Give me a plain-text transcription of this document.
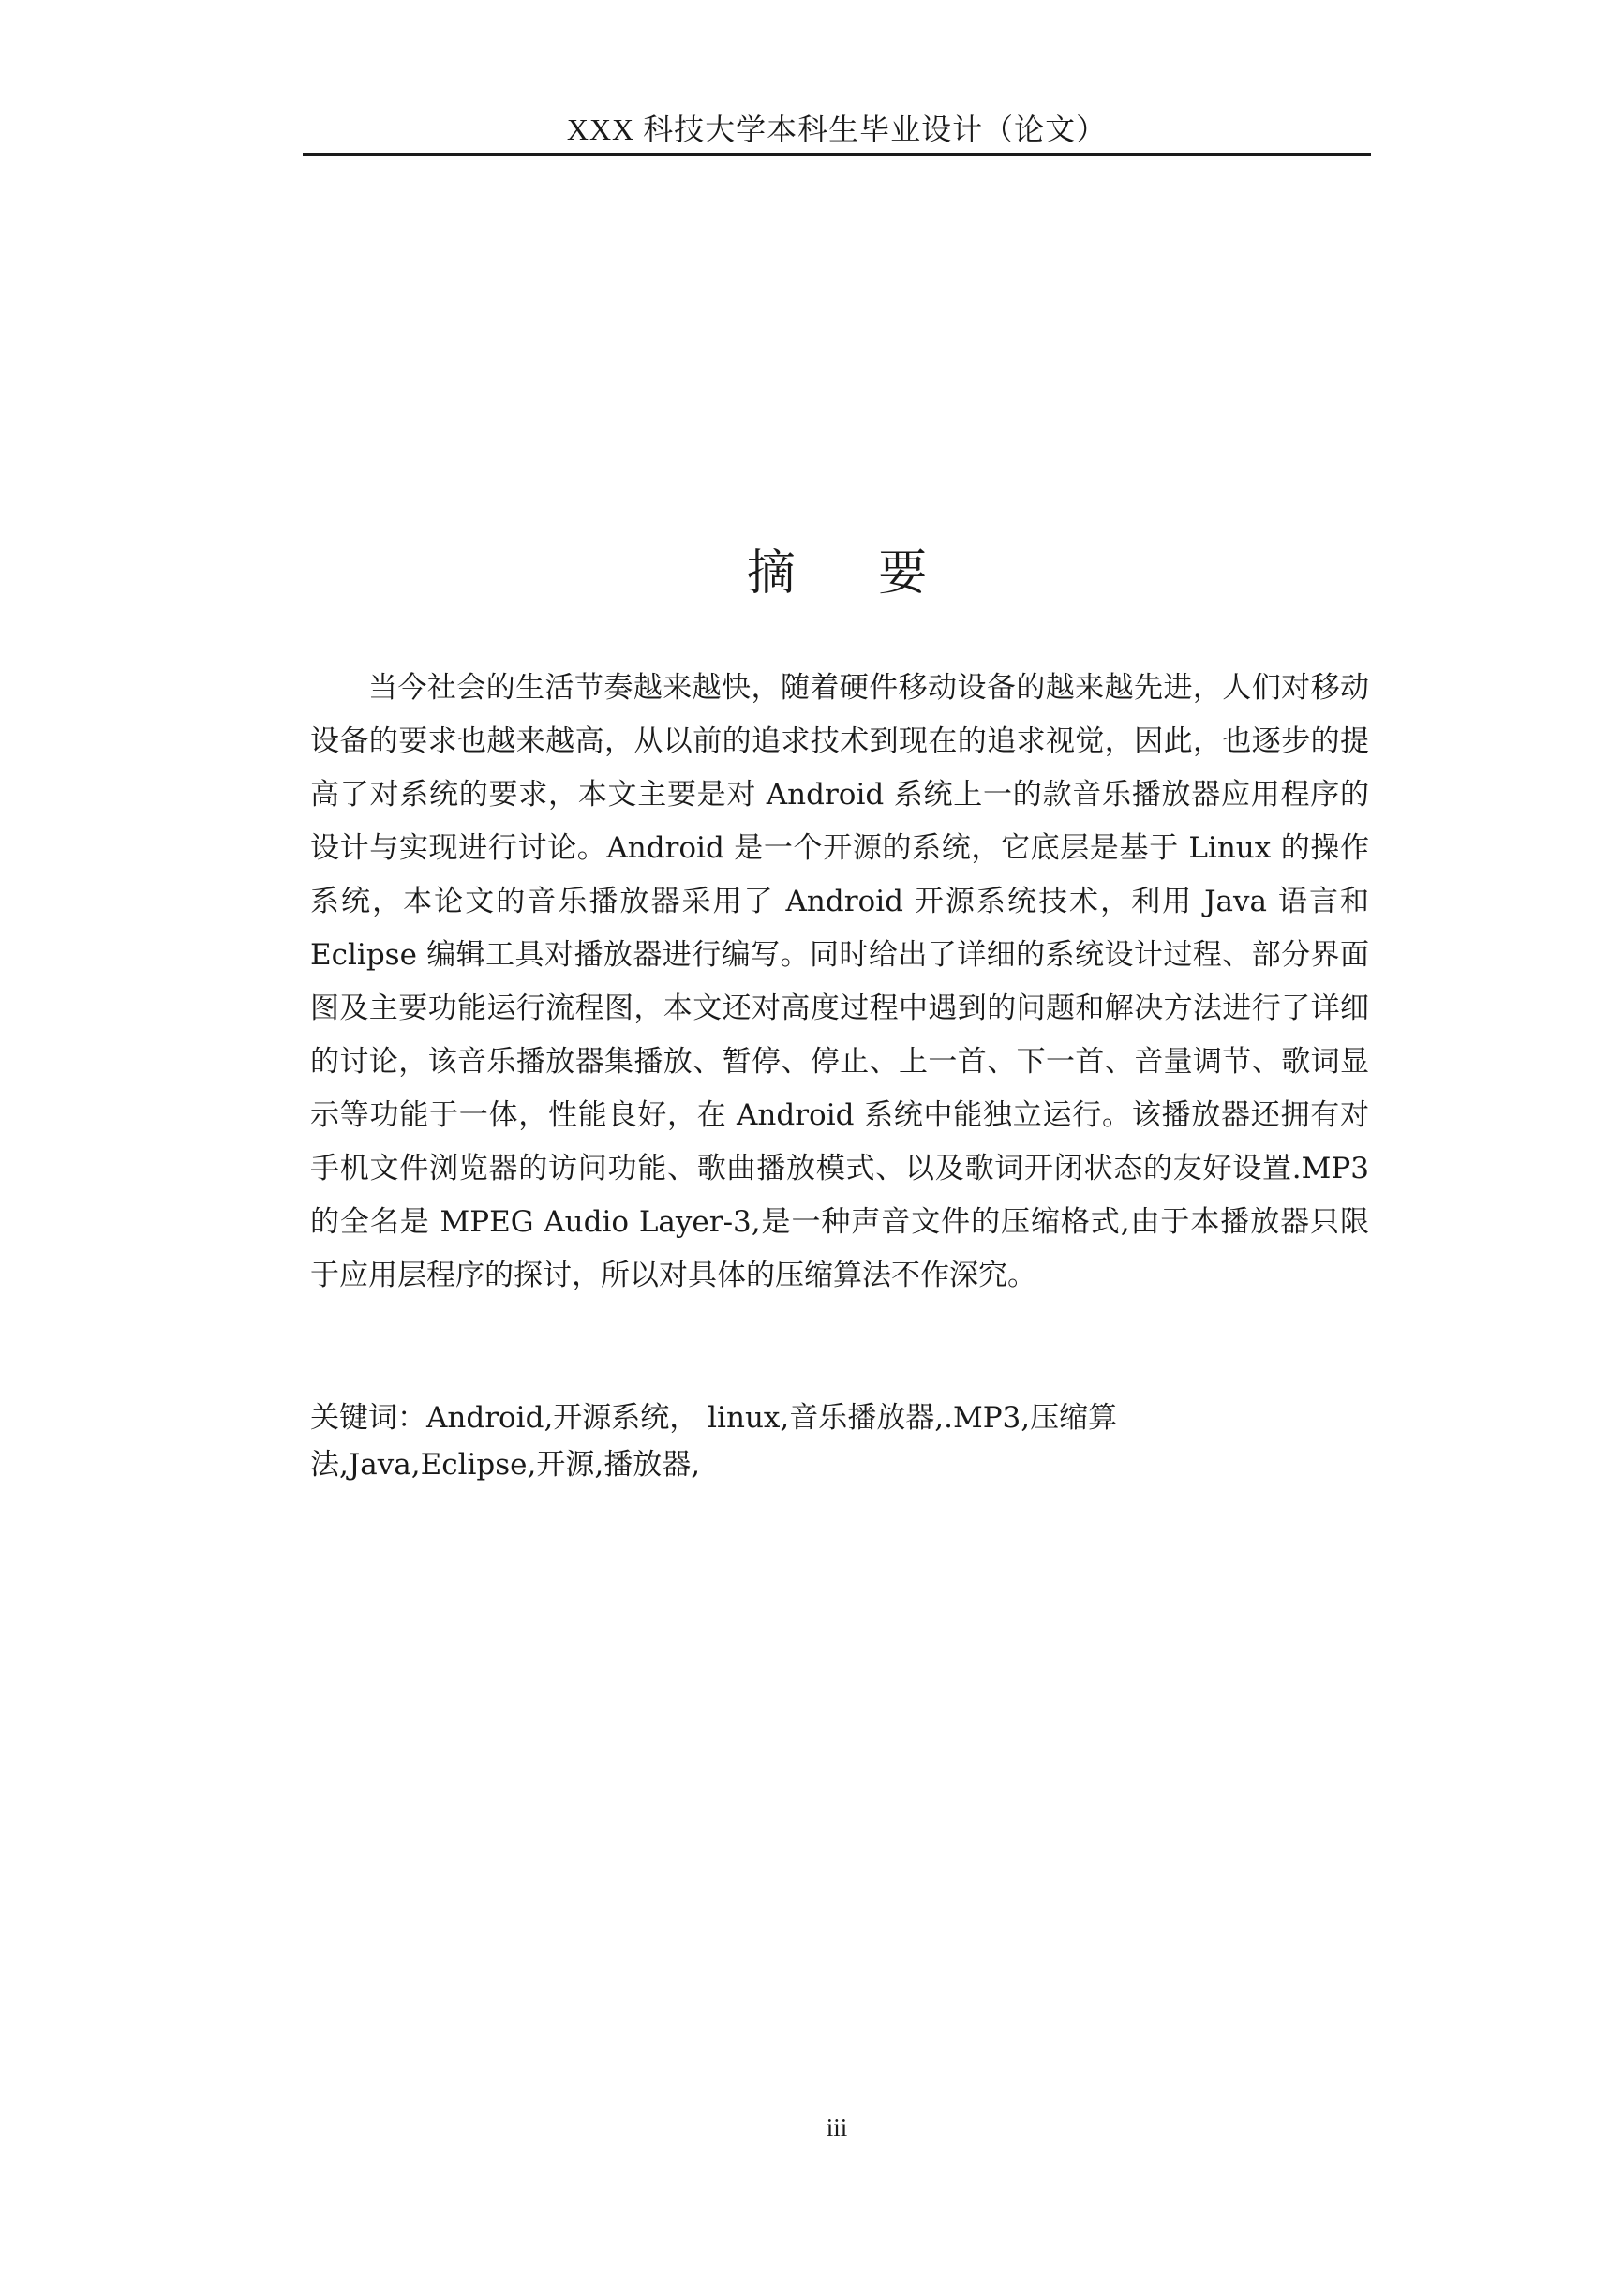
XXX 科技大学本科生毕业设计（论文）
摘 要

当今社会的生活节奏越来越快，随着硬件移动设备的越来越先进，人们对移动设备的要求也越来越高，从以前的追求技术到现在的追求视觉，因此，也逐步的提高了对系统的要求，本文主要是对 Android 系统上一的款音乐播放器应用程序的设计与实现进行讨论。Android 是一个开源的系统，它底层是基于 Linux 的操作系统，本论文的音乐播放器采用了 Android 开源系统技术，利用 Java 语言和 Eclipse 编辑工具对播放器进行编写。同时给出了详细的系统设计过程、部分界面图及主要功能运行流程图，本文还对高度过程中遇到的问题和解决方法进行了详细的讨论，该音乐播放器集播放、暂停、停止、上一首、下一首、音量调节、歌词显示等功能于一体，性能良好，在 Android 系统中能独立运行。该播放器还拥有对手机文件浏览器的访问功能、歌曲播放模式、以及歌词开闭状态的友好设置.MP3的全名是 MPEG Audio Layer-3,是一种声音文件的压缩格式,由于本播放器只限于应用层程序的探讨，所以对具体的压缩算法不作深究。

关键词：Android,开源系统， linux,音乐播放器,.MP3,压缩算法,Java,Eclipse,开源,播放器,

iii
